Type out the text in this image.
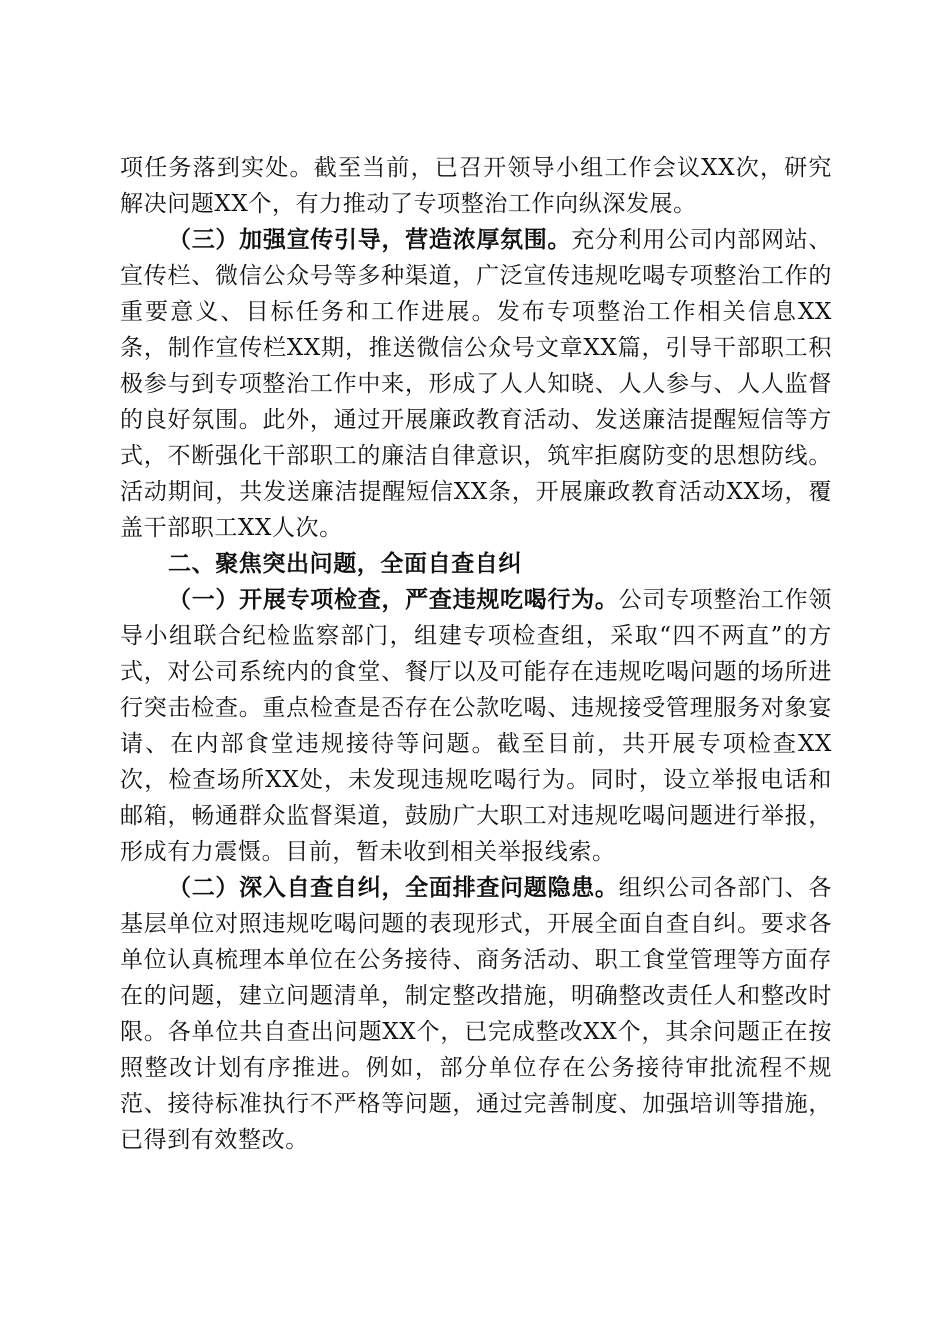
项任务落到实处。截至当前，已召开领导小组工作会议XX次，研究解决问题XX个，有力推动了专项整治工作向纵深发展。

（三）加强宣传引导，营造浓厚氛围。充分利用公司内部网站、宣传栏、微信公众号等多种渠道，广泛宣传违规吃喝专项整治工作的重要意义、目标任务和工作进展。发布专项整治工作相关信息XX条，制作宣传栏XX期，推送微信公众号文章XX篇，引导干部职工积极参与到专项整治工作中来，形成了人人知晓、人人参与、人人监督的良好氛围。此外，通过开展廉政教育活动、发送廉洁提醒短信等方式，不断强化干部职工的廉洁自律意识，筑牢拒腐防变的思想防线。活动期间，共发送廉洁提醒短信XX条，开展廉政教育活动XX场，覆盖干部职工XX人次。

二、聚焦突出问题，全面自查自纠

（一）开展专项检查，严查违规吃喝行为。公司专项整治工作领导小组联合纪检监察部门，组建专项检查组，采取“四不两直”的方式，对公司系统内的食堂、餐厅以及可能存在违规吃喝问题的场所进行突击检查。重点检查是否存在公款吃喝、违规接受管理服务对象宴请、在内部食堂违规接待等问题。截至目前，共开展专项检查XX次，检查场所XX处，未发现违规吃喝行为。同时，设立举报电话和邮箱，畅通群众监督渠道，鼓励广大职工对违规吃喝问题进行举报，形成有力震慑。目前，暂未收到相关举报线索。

（二）深入自查自纠，全面排查问题隐患。组织公司各部门、各基层单位对照违规吃喝问题的表现形式，开展全面自查自纠。要求各单位认真梳理本单位在公务接待、商务活动、职工食堂管理等方面存在的问题，建立问题清单，制定整改措施，明确整改责任人和整改时限。各单位共自查出问题XX个，已完成整改XX个，其余问题正在按照整改计划有序推进。例如，部分单位存在公务接待审批流程不规范、接待标准执行不严格等问题，通过完善制度、加强培训等措施，已得到有效整改。
